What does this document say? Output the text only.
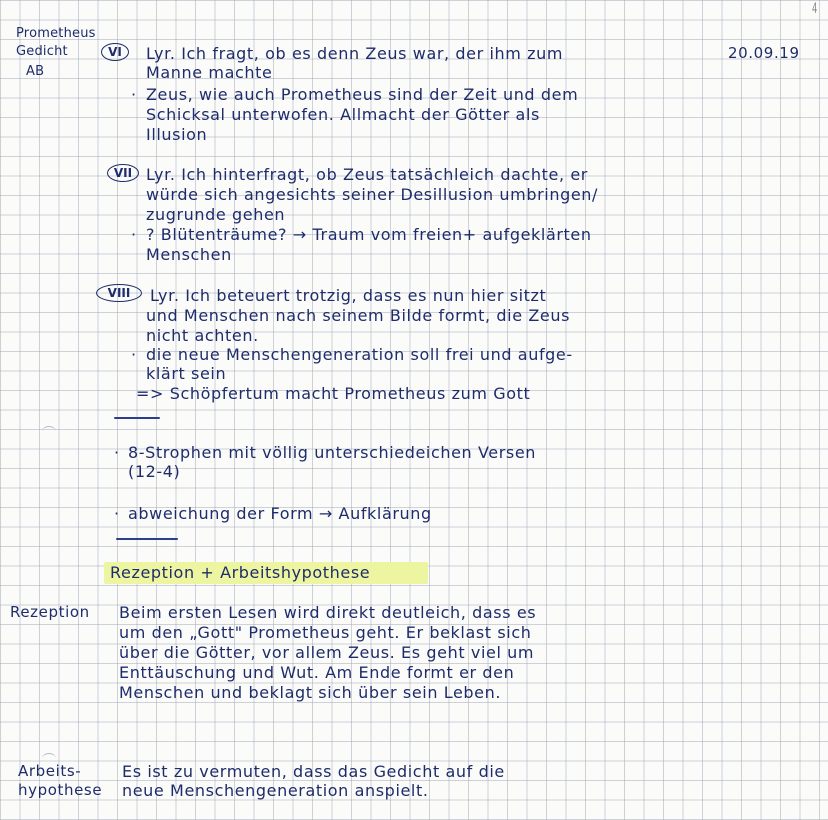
4
Prometheus
Gedicht
AB
20.09.19
VI	Lyr. Ich fragt, ob es denn Zeus war, der ihm zum
Manne machte
· Zeus, wie auch Prometheus sind der Zeit und dem
Schicksal unterwofen. Allmacht der Götter als
Illusion
VII Lyr. Ich hinterfragt, ob Zeus tatsächleich dachte, er
würde sich angesichts seiner Desillusion umbringen/
zugrunde gehen
· ? Blütenträume? → Traum vom freien+ aufgeklärten
Menschen
VIII	Lyr. Ich beteuert trotzig, dass es nun hier sitzt
und Menschen nach seinem Bilde formt, die Zeus
nicht achten.
· die neue Menschengeneration soll frei und aufge-
klärt sein
=> Schöpfertum macht Prometheus zum Gott
· 8-Strophen mit völlig unterschiedeichen Versen
(12-4)
· abweichung der Form → Aufklärung
Rezeption + Arbeitshypothese
Rezeption Beim ersten Lesen wird direkt deutleich, dass es
um den „Gott" Prometheus geht. Er beklast sich
über die Götter, vor allem Zeus. Es geht viel um
Enttäuschung und Wut. Am Ende formt er den
Menschen und beklagt sich über sein Leben.
Arbeits-
hypothese
Es ist zu vermuten, dass das Gedicht auf die
neue Menschengeneration anspielt.
